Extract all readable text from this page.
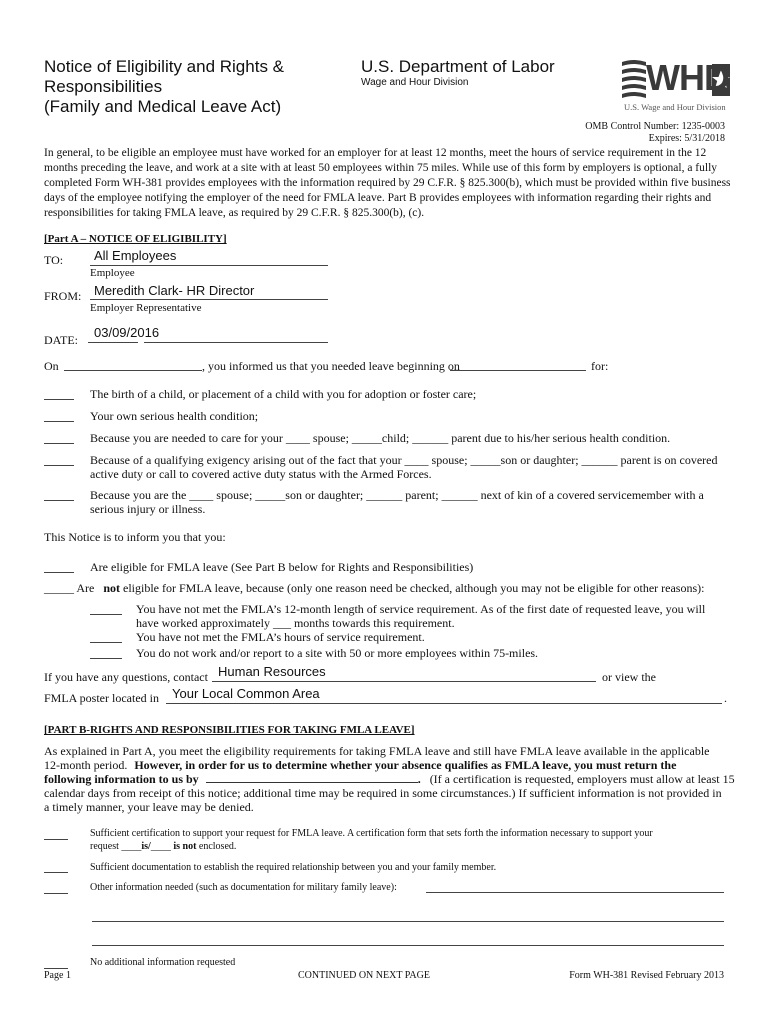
Notice of Eligibility and Rights &
Responsibilities
(Family and Medical Leave Act)
U.S. Department of Labor
Wage and Hour Division	WHD
U.S. Wage and Hour Division
OMB Control Number: 1235-0003
Expires: 5/31/2018
In general, to be eligible an employee must have worked for an employer for at least 12 months, meet the hours of service requirement in the 12 months preceding the leave, and work at a site with at least 50 employees within 75 miles. While use of this form by employers is optional, a fully completed Form WH-381 provides employees with the information required by 29 C.F.R. § 825.300(b), which must be provided within five business days of the employee notifying the employer of the need for FMLA leave. Part B provides employees with information regarding their rights and responsibilities for taking FMLA leave, as required by 29 C.F.R. § 825.300(b), (c).
[Part A – NOTICE OF ELIGIBILITY]
TO: All Employees
Employee
FROM: Meredith Clark- HR Director
Employer Representative
DATE: 03/09/2016
On	, you informed us that you needed leave beginning on	for:
The birth of a child, or placement of a child with you for adoption or foster care;
Your own serious health condition;
Because you are needed to care for your ____ spouse; _____child; ______ parent due to his/her serious health condition.
Because of a qualifying exigency arising out of the fact that your ____ spouse; _____son or daughter; ______ parent is on covered
active duty or call to covered active duty status with the Armed Forces.
Because you are the ____ spouse; _____son or daughter; ______ parent; ______ next of kin of a covered servicemember with a
serious injury or illness.
This Notice is to inform you that you:
Are eligible for FMLA leave (See Part B below for Rights and Responsibilities)
_____ Are not eligible for FMLA leave, because (only one reason need be checked, although you may not be eligible for other reasons):
You have not met the FMLA’s 12-month length of service requirement. As of the first date of requested leave, you will
have worked approximately ___ months towards this requirement.
You have not met the FMLA’s hours of service requirement.
You do not work and/or report to a site with 50 or more employees within 75-miles.
If you have any questions, contact Human Resources	or view the
FMLA poster located in Your Local Common Area	.
[PART B-RIGHTS AND RESPONSIBILITIES FOR TAKING FMLA LEAVE]
As explained in Part A, you meet the eligibility requirements for taking FMLA leave and still have FMLA leave available in the applicable
12-month period. However, in order for us to determine whether your absence qualifies as FMLA leave, you must return the
following information to us by	. (If a certification is requested, employers must allow at least 15
calendar days from receipt of this notice; additional time may be required in some circumstances.) If sufficient information is not provided in
a timely manner, your leave may be denied.
Sufficient certification to support your request for FMLA leave. A certification form that sets forth the information necessary to support your
request ____is/____ is not enclosed.
Sufficient documentation to establish the required relationship between you and your family member.
Other information needed (such as documentation for military family leave):
No additional information requested
Page 1	CONTINUED ON NEXT PAGE	Form WH-381 Revised February 2013
